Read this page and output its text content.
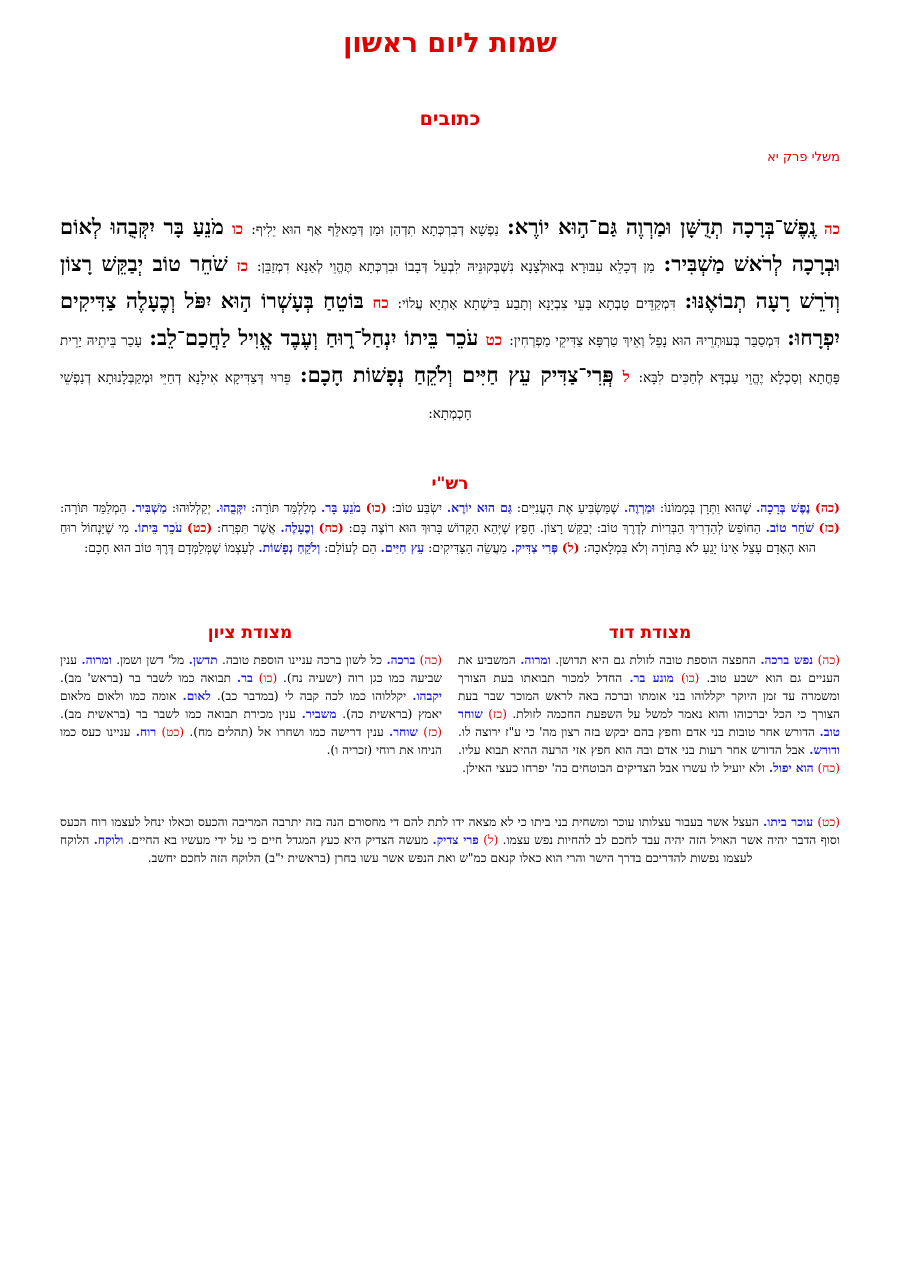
שמות ליום ראשון
כתובים
משלי פרק יא
כה נֶֽפֶשׁ־בְּרָכָה תְדֻשָּׁן וּמַרְוֶה גַּם־ה֣וּא יוֹרֶא: נַפְשָׁא דְבִרְכְּתָא תִדְהַן וּמַן דְּמַאלֵּף אַף הוּא יֵלִיף: כו מֹנֵעַ בָּר יִקְּבֻהוּ לְאוֹם וּבְרָכָה לְרֹאשׁ מַשְׁבִּיר: מַן דְּכָלֵא עִבּוּרָא בְּאוּלְצָנָא נִשְׁבְּקוּנֵיהּ לִבְעֵל דְּבָבוֹ וּבִרְכְּתָא תֶּהֱוֵי לְאַנָּא דִמְזַבֵּן: כז שֹׁחֵר טוֹב יְבַקֵּשׁ רָצוֹן וְדֹרֵשׁ רָעָה תְבוֹאֶנּוּ: דִּמְקַדֵּים טָבְתָא בָּעֵי צִבְיָנָא וְתָבַע בִּישְׁתָא אָתְיָא עֲלוֹי: כח בּוֹטֵחַ בְּעָשְׁרוֹ ה֣וּא יִפֹּל וְכֶעָלֶה צַדִּיקִים יִפְרָחוּ: דִּמְסַבַּר בְּעוּתְרֵיהּ הוּא נָפֵל וְאֵיךְ טַרְפָּא צַדִּיקֵי מַפְרְחִין: כט עֹכֵר בֵּיתוֹ יִנְחַל־ר֑וּחַ וְעֶבֶד אֱוִיל לַחֲכַם־לֵב: עָכַר בֵּיתֵיהּ יָרֵית פָּחֳתָא וְסַכְלָא יֶהֱוֵי עַבְדָּא לְחַכִּים לִבָּא: ל פְּֽרִי־צַדִּיק עֵץ חַיִּים וְלֹקֵחַ נְפָשׁוֹת חָכָם: פֵּרוּי דְּצַדִּיקָא אִילָנָא דְחַיֵּי וּמְקַבְּלָנוּתָא דְנַפְשֵׁי חָכְמְתָא:
רש"י
(כה) נֶפֶשׁ בְּרָכָה. שֶׁהוּא וַתְּרָן בְּמָמוֹנוֹ: וּמַרְוֶה. שֶׁמַּשְׂבִּיעַ אֶת הָעֲנִיִּים: גַּם הוּא יוֹרֶא. יִשְׂבַּע טוֹב: (כו) מֹנֵעַ בָּר. מְלַלְמֵּד תּוֹרָה: יִקְּבֻהוּ. יְקַלְלוּהוּ: מַשְׁבִּיר. הַמְלַמֵּד תּוֹרָה: (כז) שֹׁחֵר טוֹב. הַחוֹפֵשׂ לְהַדְרִיךְ הַבְּרִיוֹת לְדֶרֶךְ טוֹב: יְבַקֵּשׁ רָצוֹן. חָפֵץ שֶׁיְּהֵא הַקָּדוֹשׁ בָּרוּךְ הוּא רוֹצֶה בָּם: (כח) וְכֶעָלֶה. אֲשֶׁר תִּפְרַח: (כט) עֹכֵר בֵּיתוֹ. מִי שֶׁיַּנְחוֹל רוּחַ הוּא הָאָדָם עָצֵל אֵינוֹ יָגֵעַ לֹא בַּתּוֹרָה וְלֹא בִּמְלָאכָה: (ל) פְּרִי צַדִּיק. מַעֲשֵׂה הַצַּדִּיקִים: עֵץ חַיִּים. הֵם לְעוֹלָם: וְלֹקֵחַ נְפָשׁוֹת. לְעַצְמוֹ שֶׁמְּלַמְּדָם דֶּרֶךְ טוֹב הוּא חָכָם:
מצודת דוד
מצודת ציון
(כה) נפש ברכה. החפצה הוספת טובה לזולת גם היא תדושן. ומרוה. המשביע את העניים גם הוא ישבע טוב. (כו) מונע בר. החדל למכור תבואתו בעת הצורך ומשמרה עד זמן היוקר יקללוהו בני אומתו וברכה באה לראש המוכר שבר בעת הצורך כי הכל יברכוהו והוא נאמר למשל על השפעת החכמה לזולת. (כז) שוחר טוב. הדורש אחר טובות בני אדם וחפץ בהם יבקש בזה רצון מה' כי ע"ז ירוצה לו. ודורש. אבל הדורש אחר רעות בני אדם ובה הוא חפץ אזי הרעה ההיא תבוא עליו. (כח) הוא יפול. ולא יועיל לו עשרו אבל הצדיקים הבוטחים בה' יפרחו כעצי האילן.
(כה) ברכה. כל לשון ברכה עניינו הוספת טובה. תדשן. מל' דשן ושמן. ומרוה. ענין שביעה כמו כגן רוה (ישעיה נח). (כו) בר. תבואה כמו לשבר בר (בראש' מב). יקבהו. יקללוהו כמו לכה קבה לי (במדבר כב). לאום. אומה כמו ולאום מלאום יאמץ (בראשית כה). משביר. ענין מכירת תבואה כמו לשבר בר (בראשית מב). (כז) שוחר. ענין דרישה כמו ושחרו אל (תהלים מח). (כט) רוח. עניינו כעס כמו הניחו את רוחי (זכריה ו).
(כט) עוכר ביתו. העצל אשר בעבור עצלותו עוכר ומשחית בני ביתו כי לא מצאה ידו לתת להם די מחסורם הנה בזה יתרבה המריבה והכעס וכאלו ינחל לעצמו רוח הכעס וסוף הדבר יהיה אשר האויל הזה יהיה עבד לחכם לב להחיות נפש עצמו. (ל) פרי צדיק. מעשה הצדיק היא כעץ המגדל חיים כי על ידי מעשיו בא החיים. ולוקח. הלוקח לעצמו נפשות להדריכם בדרך הישר והרי הוא כאלו קנאם כמ"ש ואת הנפש אשר עשו בחרן (בראשית י"ב) הלוקח הזה לחכם יחשב.
